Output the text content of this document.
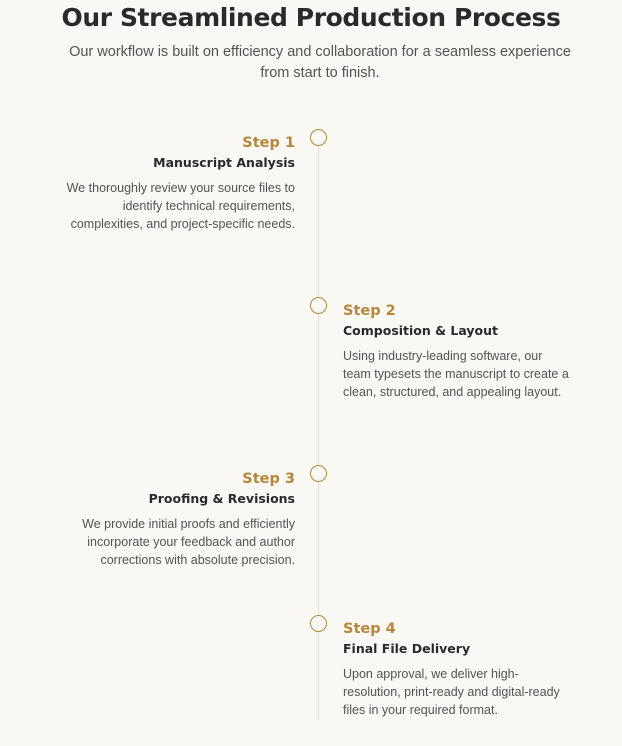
Our Streamlined Production Process

Our workflow is built on efficiency and collaboration for a seamless experience from start to finish.

Step 1

Manuscript Analysis

We thoroughly review your source files to identify technical requirements, complexities, and project-specific needs.

Step 2

Composition & Layout

Using industry-leading software, our team typesets the manuscript to create a clean, structured, and appealing layout.

Step 3

Proofing & Revisions

We provide initial proofs and efficiently incorporate your feedback and author corrections with absolute precision.

Step 4

Final File Delivery

Upon approval, we deliver high-resolution, print-ready and digital-ready files in your required format.
